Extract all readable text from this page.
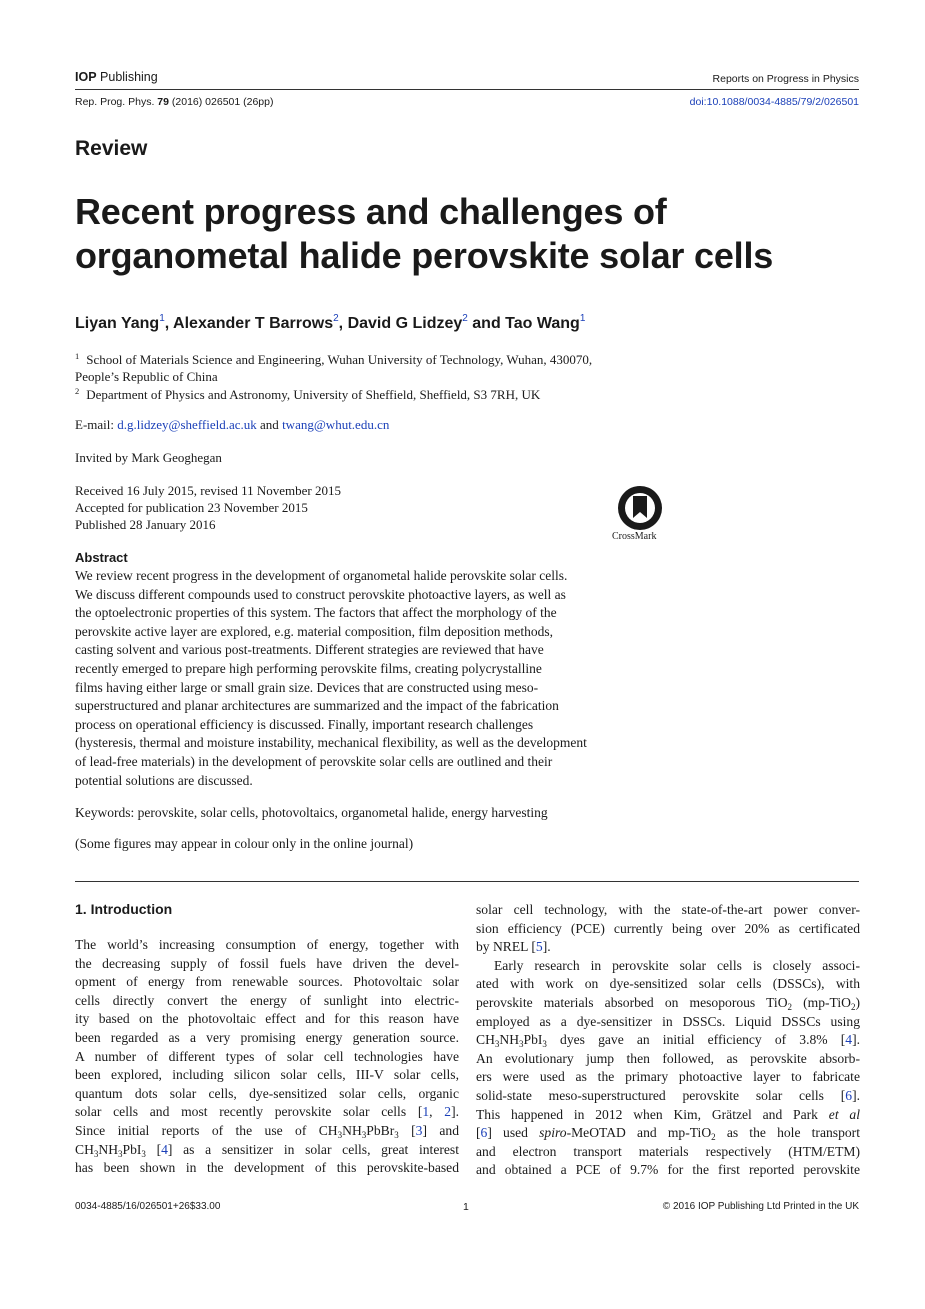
IOP Publishing	Reports on Progress in Physics
Rep. Prog. Phys. 79 (2016) 026501 (26pp)	doi:10.1088/0034-4885/79/2/026501
Review
Recent progress and challenges of
organometal halide perovskite solar cells
Liyan Yang$^1$, Alexander T Barrows$^2$, David G Lidzey$^2$ and Tao Wang$^1$
$^1$ School of Materials Science and Engineering, Wuhan University of Technology, Wuhan, 430070,
People’s Republic of China
$^2$ Department of Physics and Astronomy, University of Sheffield, Sheffield, S3 7RH, UK
E-mail: d.g.lidzey@sheffield.ac.uk and twang@whut.edu.cn
Invited by Mark Geoghegan
Received 16 July 2015, revised 11 November 2015
Accepted for publication 23 November 2015
Published 28 January 2016
CrossMark
Abstract
We review recent progress in the development of organometal halide perovskite solar cells.
We discuss different compounds used to construct perovskite photoactive layers, as well as
the optoelectronic properties of this system. The factors that affect the morphology of the
perovskite active layer are explored, e.g. material composition, film deposition methods,
casting solvent and various post-treatments. Different strategies are reviewed that have
recently emerged to prepare high performing perovskite films, creating polycrystalline
films having either large or small grain size. Devices that are constructed using meso-
superstructured and planar architectures are summarized and the impact of the fabrication
process on operational efficiency is discussed. Finally, important research challenges
(hysteresis, thermal and moisture instability, mechanical flexibility, as well as the development
of lead-free materials) in the development of perovskite solar cells are outlined and their
potential solutions are discussed.
Keywords: perovskite, solar cells, photovoltaics, organometal halide, energy harvesting
(Some figures may appear in colour only in the online journal)
1. Introduction
The world’s increasing consumption of energy, together with
the decreasing supply of fossil fuels have driven the devel-
opment of energy from renewable sources. Photovoltaic solar
cells directly convert the energy of sunlight into electric-
ity based on the photovoltaic effect and for this reason have
been regarded as a very promising energy generation source.
A number of different types of solar cell technologies have
been explored, including silicon solar cells, III-V solar cells,
quantum dots solar cells, dye-sensitized solar cells, organic
solar cells and most recently perovskite solar cells [1, 2].
Since initial reports of the use of $CH_3NH_3PbBr_3$ [3] and
$CH_3NH_3PbI_3$ [4] as a sensitizer in solar cells, great interest
has been shown in the development of this perovskite-based
solar cell technology, with the state-of-the-art power conver-
sion efficiency (PCE) currently being over 20% as certificated
by NREL [5].
Early research in perovskite solar cells is closely associ-
ated with work on dye-sensitized solar cells (DSSCs), with
perovskite materials absorbed on mesoporous TiO$_2$ (mp-TiO$_2$)
employed as a dye-sensitizer in DSSCs. Liquid DSSCs using
$CH_3NH_3PbI_3$ dyes gave an initial efficiency of 3.8% [4].
An evolutionary jump then followed, as perovskite absorb-
ers were used as the primary photoactive layer to fabricate
solid-state meso-superstructured perovskite solar cells [6].
This happened in 2012 when Kim, Grätzel and Park et al
[6] used spiro-MeOTAD and mp-TiO$_2$ as the hole transport
and electron transport materials respectively (HTM/ETM)
and obtained a PCE of 9.7% for the first reported perovskite
0034-4885/16/026501+26$33.00	1	© 2016 IOP Publishing Ltd Printed in the UK
